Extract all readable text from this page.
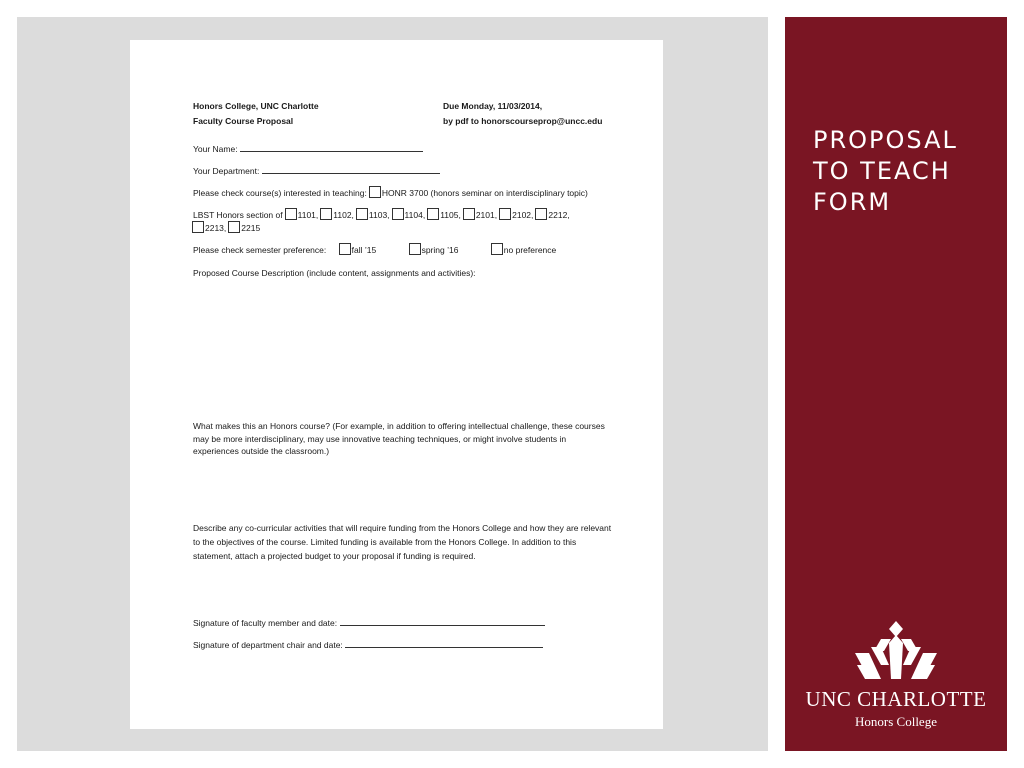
Honors College, UNC Charlotte
Faculty Course Proposal
Due Monday, 11/03/2014,
by pdf to honorscourseprop@uncc.edu
Your Name:
Your Department:
Please check course(s) interested in teaching: HONR 3700 (honors seminar on interdisciplinary topic)
LBST Honors section of 1101, 1102, 1103, 1104, 1105, 2101, 2102, 2212,
2213, 2215
Please check semester preference:	fall ’15	spring ’16	no preference
Proposed Course Description (include content, assignments and activities):
What makes this an Honors course? (For example, in addition to offering intellectual challenge, these courses may be more interdisciplinary, may use innovative teaching techniques, or might involve students in experiences outside the classroom.)
Describe any co-curricular activities that will require funding from the Honors College and how they are relevant to the objectives of the course. Limited funding is available from the Honors College. In addition to this statement, attach a projected budget to your proposal if funding is required.
Signature of faculty member and date:
Signature of department chair and date:
PROPOSAL
TO TEACH
FORM
UNC CHARLOTTE
Honors College
